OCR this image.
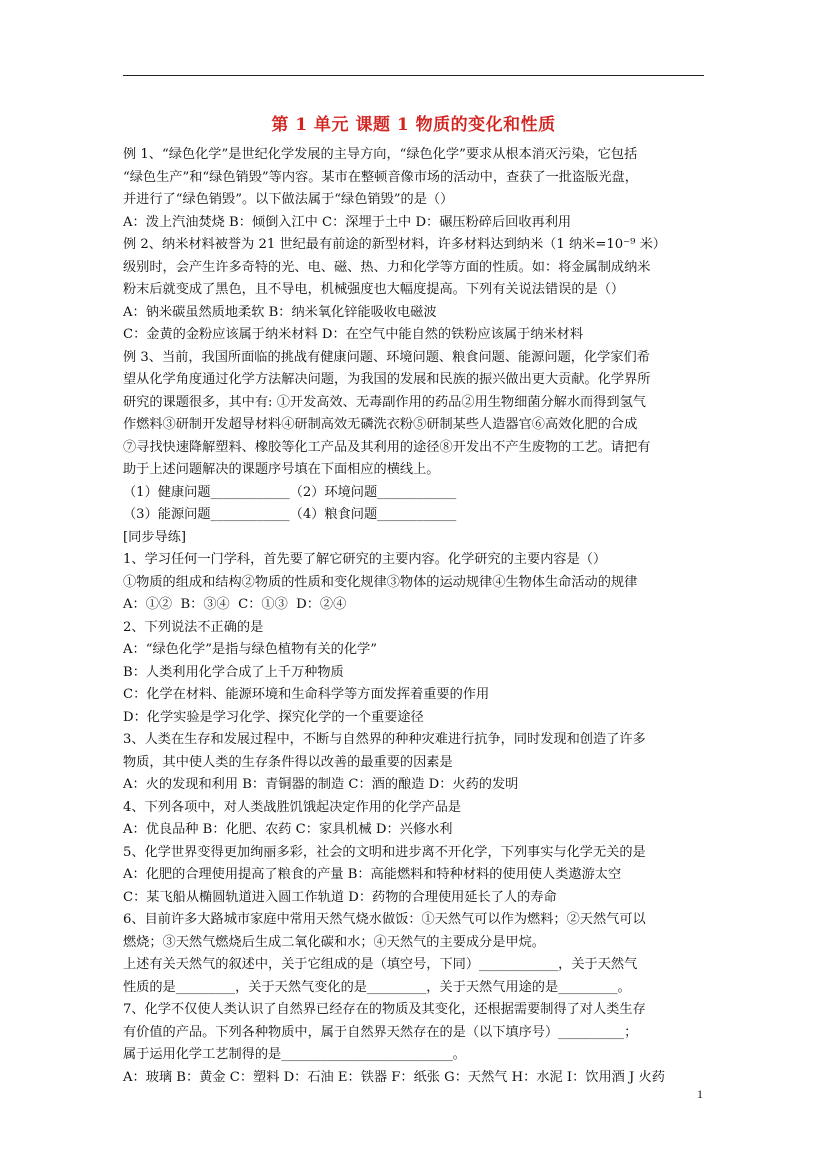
第 1 单元 课题 1 物质的变化和性质
例 1、“绿色化学”是世纪化学发展的主导方向，“绿色化学”要求从根本消灭污染，它包括
“绿色生产”和“绿色销毁”等内容。某市在整顿音像市场的活动中，查获了一批盗版光盘，
并进行了“绿色销毁”。以下做法属于“绿色销毁”的是（）
A：泼上汽油焚烧 B：倾倒入江中 C：深埋于土中 D：碾压粉碎后回收再利用
例 2、纳米材料被誉为 21 世纪最有前途的新型材料，许多材料达到纳米（1 纳米=10⁻⁹ 米）
级别时，会产生许多奇特的光、电、磁、热、力和化学等方面的性质。如：将金属制成纳米
粉末后就变成了黑色，且不导电，机械强度也大幅度提高。下列有关说法错误的是（）
A：钠米碳虽然质地柔软 B：纳米氧化锌能吸收电磁波
C：金黄的金粉应该属于纳米材料 D：在空气中能自然的铁粉应该属于纳米材料
例 3、当前，我国所面临的挑战有健康问题、环境问题、粮食问题、能源问题，化学家们希
望从化学角度通过化学方法解决问题，为我国的发展和民族的振兴做出更大贡献。化学界所
研究的课题很多，其中有: ①开发高效、无毒副作用的药品②用生物细菌分解水而得到氢气
作燃料③研制开发超导材料④研制高效无磷洗衣粉⑤研制某些人造器官⑥高效化肥的合成
⑦寻找快速降解塑料、橡胶等化工产品及其利用的途径⑧开发出不产生废物的工艺。请把有
助于上述问题解决的课题序号填在下面相应的横线上。
（1）健康问题____________（2）环境问题____________
（3）能源问题____________（4）粮食问题____________
[同步导练]
1、学习任何一门学科，首先要了解它研究的主要内容。化学研究的主要内容是（）
①物质的组成和结构②物质的性质和变化规律③物体的运动规律④生物体生命活动的规律
A：①②  B：③④  C：①③  D：②④
2、下列说法不正确的是
A：“绿色化学”是指与绿色植物有关的化学”
B：人类利用化学合成了上千万种物质
C：化学在材料、能源环境和生命科学等方面发挥着重要的作用
D：化学实验是学习化学、探究化学的一个重要途径
3、人类在生存和发展过程中，不断与自然界的种种灾难进行抗争，同时发现和创造了许多
物质，其中使人类的生存条件得以改善的最重要的因素是
A：火的发现和利用 B：青铜器的制造 C：酒的酿造 D：火药的发明
4、下列各项中，对人类战胜饥饿起决定作用的化学产品是
A：优良品种 B：化肥、农药 C：家具机械 D：兴修水利
5、化学世界变得更加绚丽多彩，社会的文明和进步离不开化学，下列事实与化学无关的是
A：化肥的合理使用提高了粮食的产量 B：高能燃料和特种材料的使用使人类遨游太空
C：某飞船从椭圆轨道进入圆工作轨道 D：药物的合理使用延长了人的寿命
6、目前许多大路城市家庭中常用天然气烧水做饭：①天然气可以作为燃料；②天然气可以
燃烧；③天然气燃烧后生成二氧化碳和水；④天然气的主要成分是甲烷。
上述有关天然气的叙述中，关于它组成的是（填空号，下同）____________，关于天然气
性质的是_________，关于天然气变化的是_________，关于天然气用途的是_________。
7、化学不仅使人类认识了自然界已经存在的物质及其变化，还根据需要制得了对人类生存
有价值的产品。下列各种物质中，属于自然界天然存在的是（以下填序号）__________；
属于运用化学工艺制得的是__________________________。
A：玻璃 B：黄金 C：塑料 D：石油 E：铁器 F：纸张 G：天然气 H：水泥 I：饮用酒 J 火药
1
